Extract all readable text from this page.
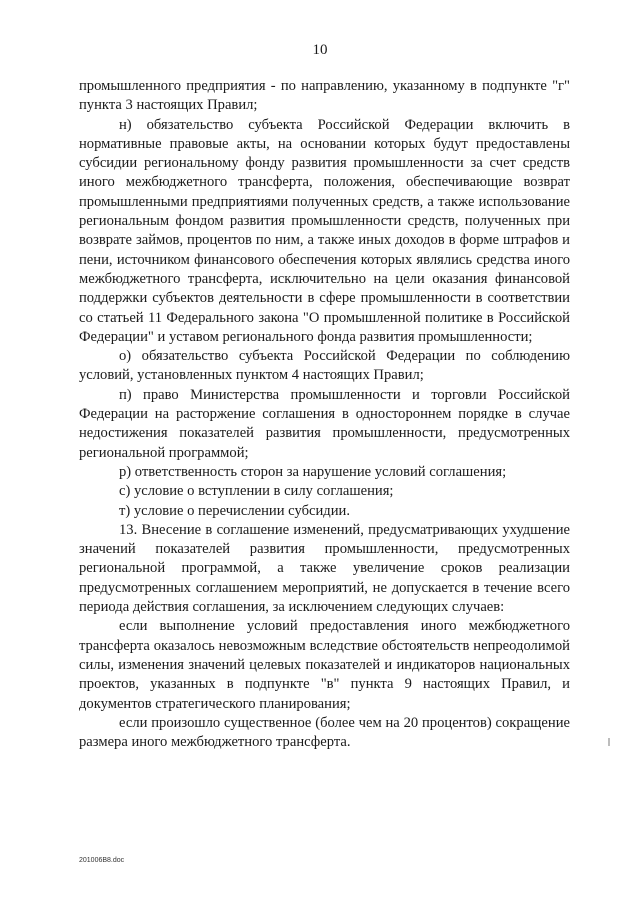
10

промышленного предприятия - по направлению, указанному в подпункте "г" пункта 3 настоящих Правил;

н) обязательство субъекта Российской Федерации включить в нормативные правовые акты, на основании которых будут предоставлены субсидии региональному фонду развития промышленности за счет средств иного межбюджетного трансферта, положения, обеспечивающие возврат промышленными предприятиями полученных средств, а также использование региональным фондом развития промышленности средств, полученных при возврате займов, процентов по ним, а также иных доходов в форме штрафов и пени, источником финансового обеспечения которых являлись средства иного межбюджетного трансферта, исключительно на цели оказания финансовой поддержки субъектов деятельности в сфере промышленности в соответствии со статьей 11 Федерального закона "О промышленной политике в Российской Федерации" и уставом регионального фонда развития промышленности;

о) обязательство субъекта Российской Федерации по соблюдению условий, установленных пунктом 4 настоящих Правил;

п) право Министерства промышленности и торговли Российской Федерации на расторжение соглашения в одностороннем порядке в случае недостижения показателей развития промышленности, предусмотренных региональной программой;

р) ответственность сторон за нарушение условий соглашения;

с) условие о вступлении в силу соглашения;

т) условие о перечислении субсидии.

13. Внесение в соглашение изменений, предусматривающих ухудшение значений показателей развития промышленности, предусмотренных региональной программой, а также увеличение сроков реализации предусмотренных соглашением мероприятий, не допускается в течение всего периода действия соглашения, за исключением следующих случаев:

если выполнение условий предоставления иного межбюджетного трансферта оказалось невозможным вследствие обстоятельств непреодолимой силы, изменения значений целевых показателей и индикаторов национальных проектов, указанных в подпункте "в" пункта 9 настоящих Правил, и документов стратегического планирования;

если произошло существенное (более чем на 20 процентов) сокращение размера иного межбюджетного трансферта.

201006В8.doc
